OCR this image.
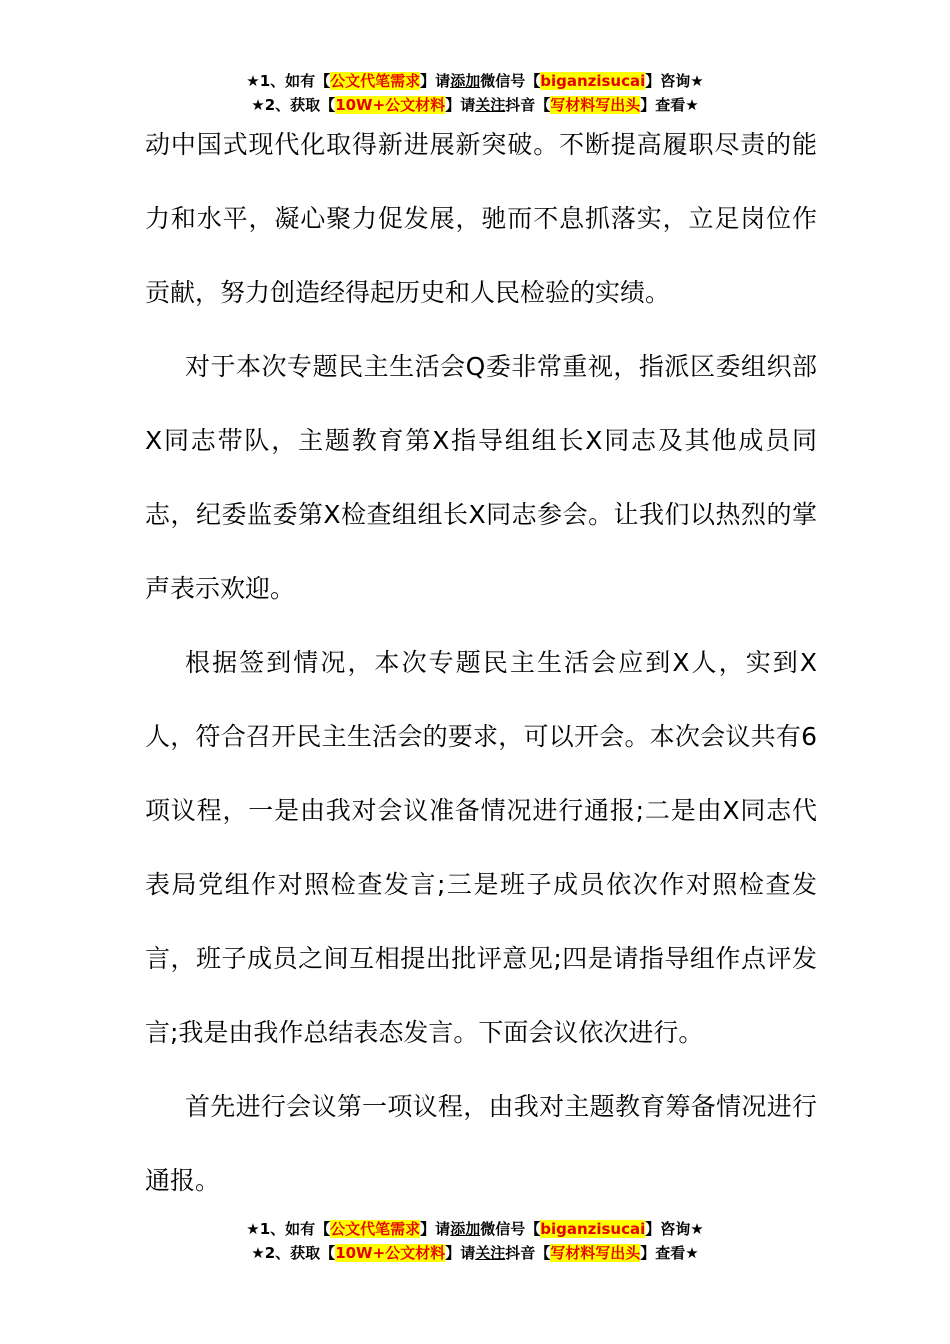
★1、如有【公文代笔需求】请添加微信号【biganzisucai】咨询★
★2、获取【10W+公文材料】请关注抖音【写材料写出头】查看★

动中国式现代化取得新进展新突破。不断提高履职尽责的能力和水平，凝心聚力促发展，驰而不息抓落实，立足岗位作贡献，努力创造经得起历史和人民检验的实绩。

对于本次专题民主生活会Q委非常重视，指派区委组织部X同志带队，主题教育第X指导组组长X同志及其他成员同志，纪委监委第X检查组组长X同志参会。让我们以热烈的掌声表示欢迎。

根据签到情况，本次专题民主生活会应到X人，实到X人，符合召开民主生活会的要求，可以开会。本次会议共有6项议程，一是由我对会议准备情况进行通报;二是由X同志代表局党组作对照检查发言;三是班子成员依次作对照检查发言，班子成员之间互相提出批评意见;四是请指导组作点评发言;我是由我作总结表态发言。下面会议依次进行。

首先进行会议第一项议程，由我对主题教育筹备情况进行通报。

★1、如有【公文代笔需求】请添加微信号【biganzisucai】咨询★
★2、获取【10W+公文材料】请关注抖音【写材料写出头】查看★
